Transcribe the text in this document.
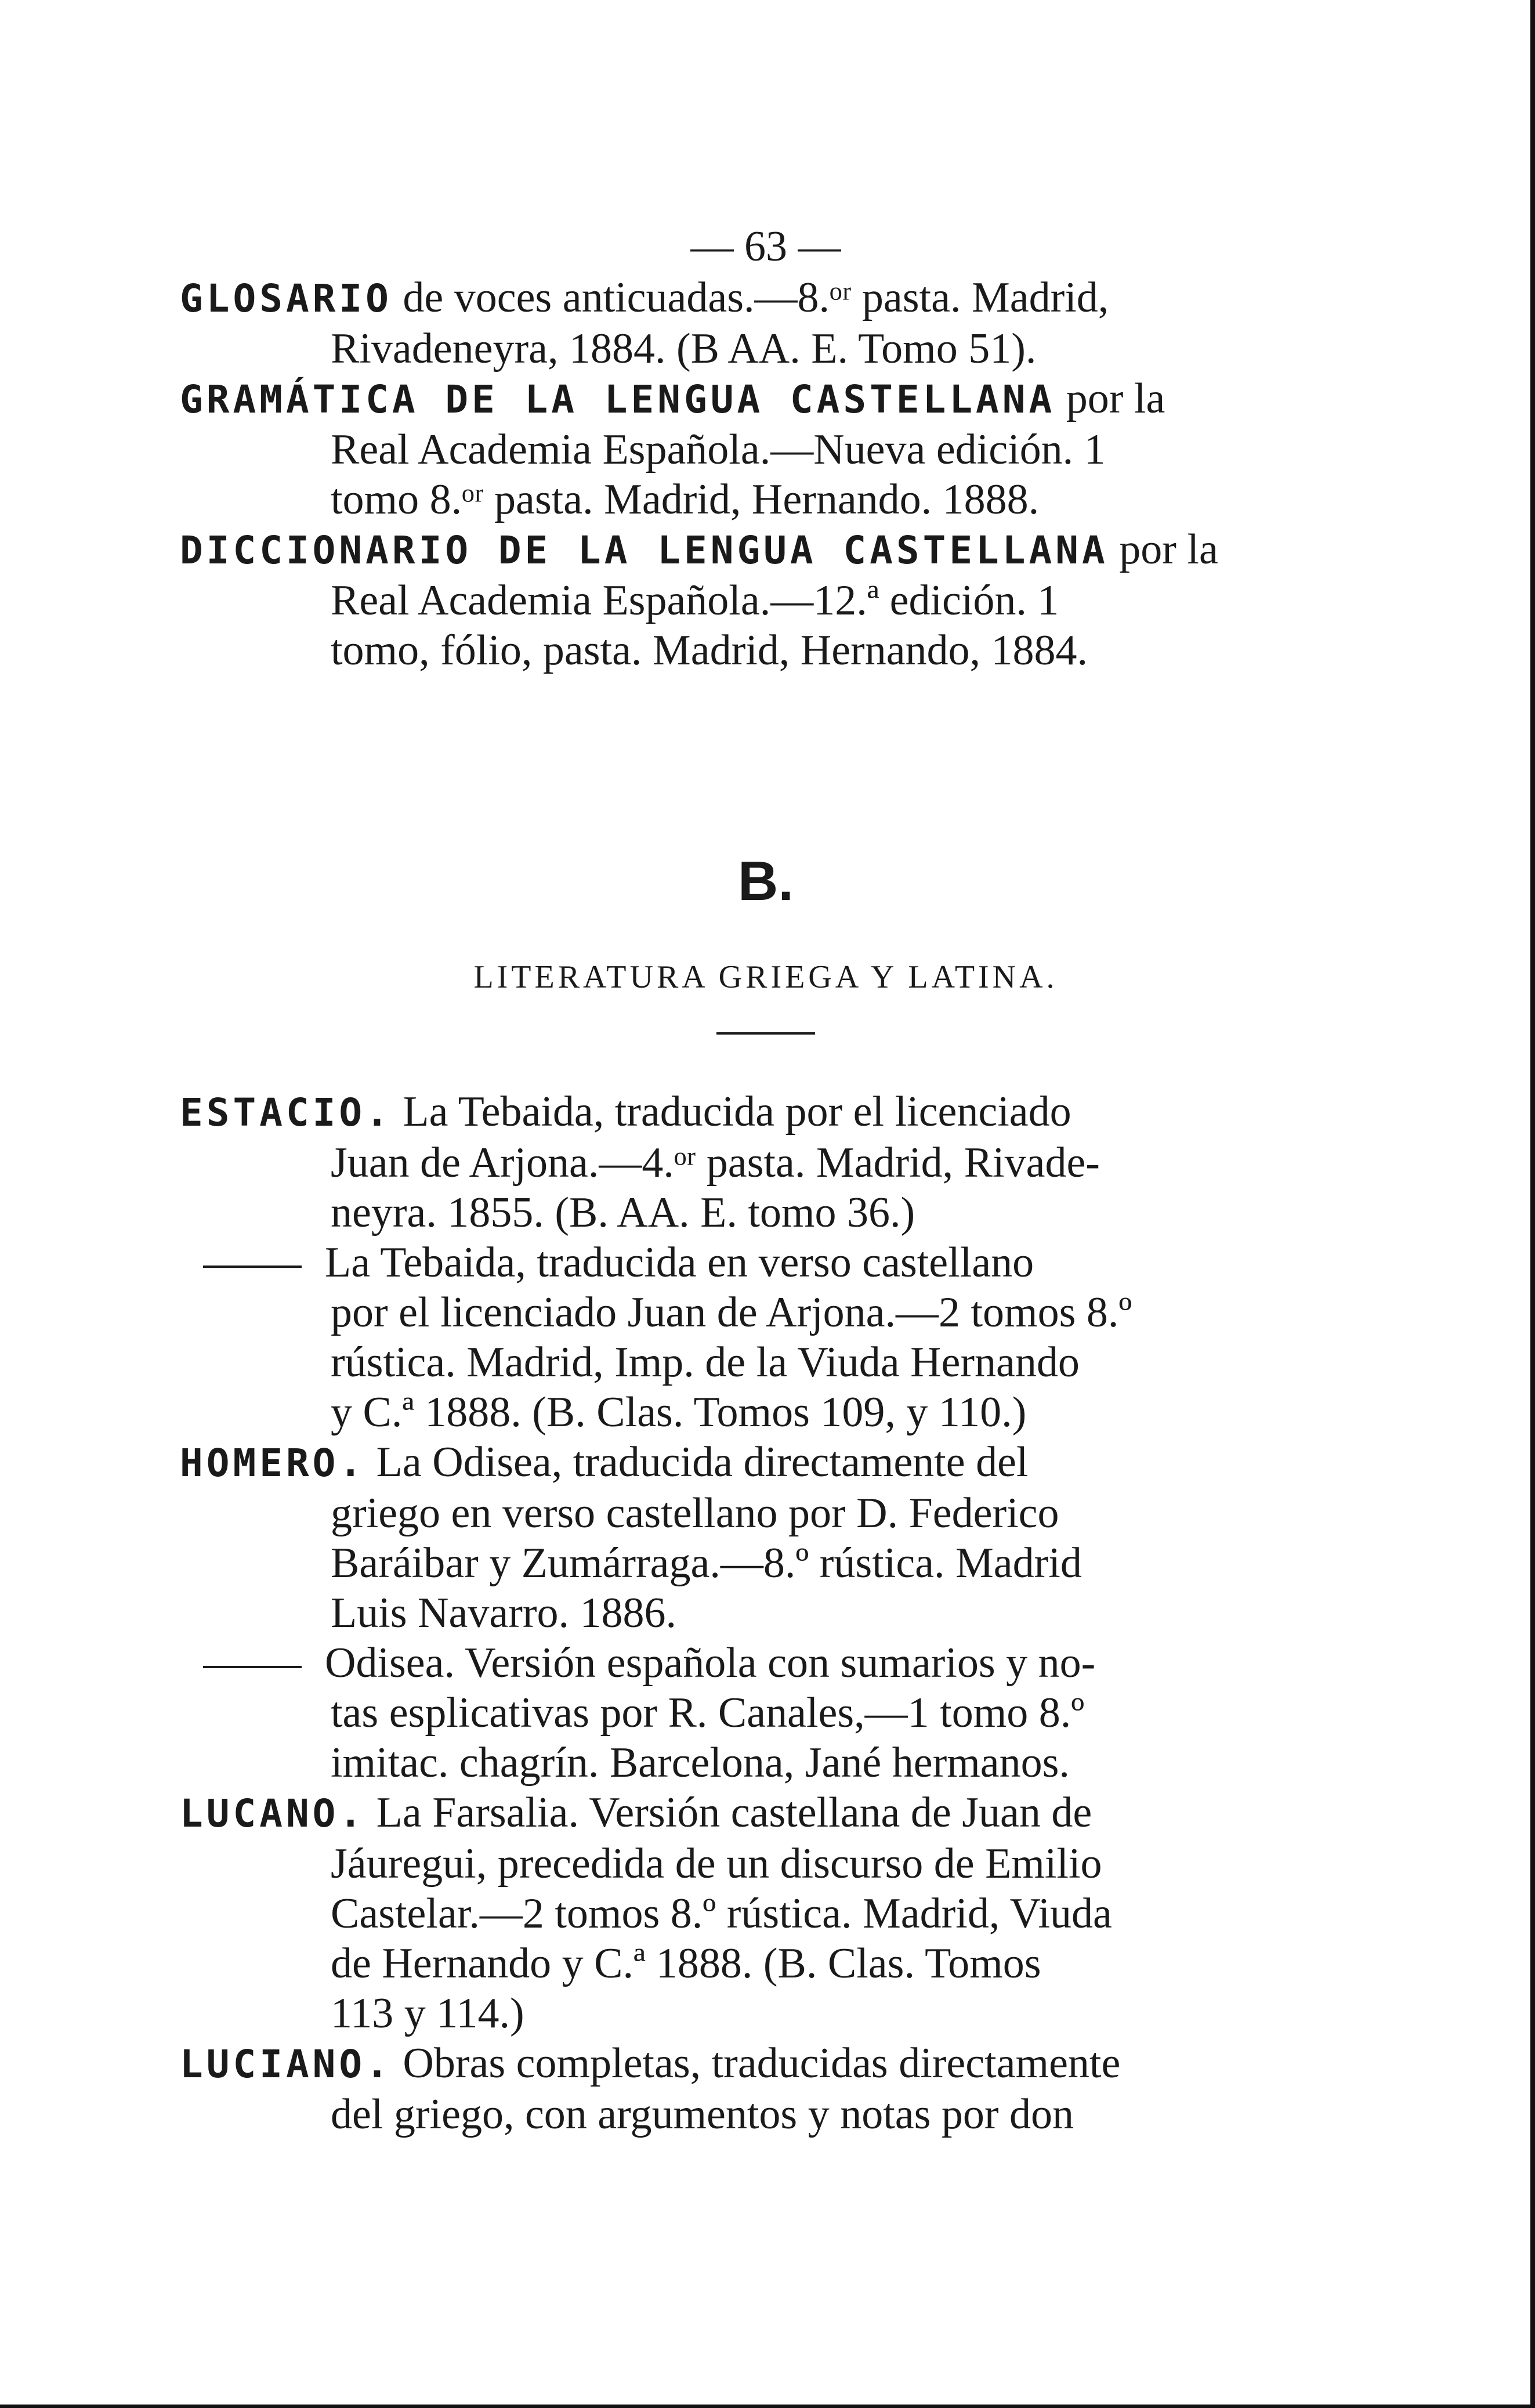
— 63 —
GLOSARIO de voces anticuadas.—8.ᵒʳ pasta. Madrid,
Rivadeneyra, 1884. (B AA. E. Tomo 51).
GRAMÁTICA DE LA LENGUA CASTELLANA por la
Real Academia Española.—Nueva edición. 1
tomo 8.ᵒʳ pasta. Madrid, Hernando. 1888.
DICCIONARIO DE LA LENGUA CASTELLANA por la
Real Academia Española.—12.ª edición. 1
tomo, fólio, pasta. Madrid, Hernando, 1884.
B.
LITERATURA GRIEGA Y LATINA.
ESTACIO. La Tebaida, traducida por el licenciado
Juan de Arjona.—4.ᵒʳ pasta. Madrid, Rivade-
neyra. 1855. (B. AA. E. tomo 36.)
La Tebaida, traducida en verso castellano
por el licenciado Juan de Arjona.—2 tomos 8.º
rústica. Madrid, Imp. de la Viuda Hernando
y C.ª 1888. (B. Clas. Tomos 109, y 110.)
HOMERO. La Odisea, traducida directamente del
griego en verso castellano por D. Federico
Baráibar y Zumárraga.—8.º rústica. Madrid
Luis Navarro. 1886.
Odisea. Versión española con sumarios y no-
tas esplicativas por R. Canales,—1 tomo 8.º
imitac. chagrín. Barcelona, Jané hermanos.
LUCANO. La Farsalia. Versión castellana de Juan de
Jáuregui, precedida de un discurso de Emilio
Castelar.—2 tomos 8.º rústica. Madrid, Viuda
de Hernando y C.ª 1888. (B. Clas. Tomos
113 y 114.)
LUCIANO. Obras completas, traducidas directamente
del griego, con argumentos y notas por don
